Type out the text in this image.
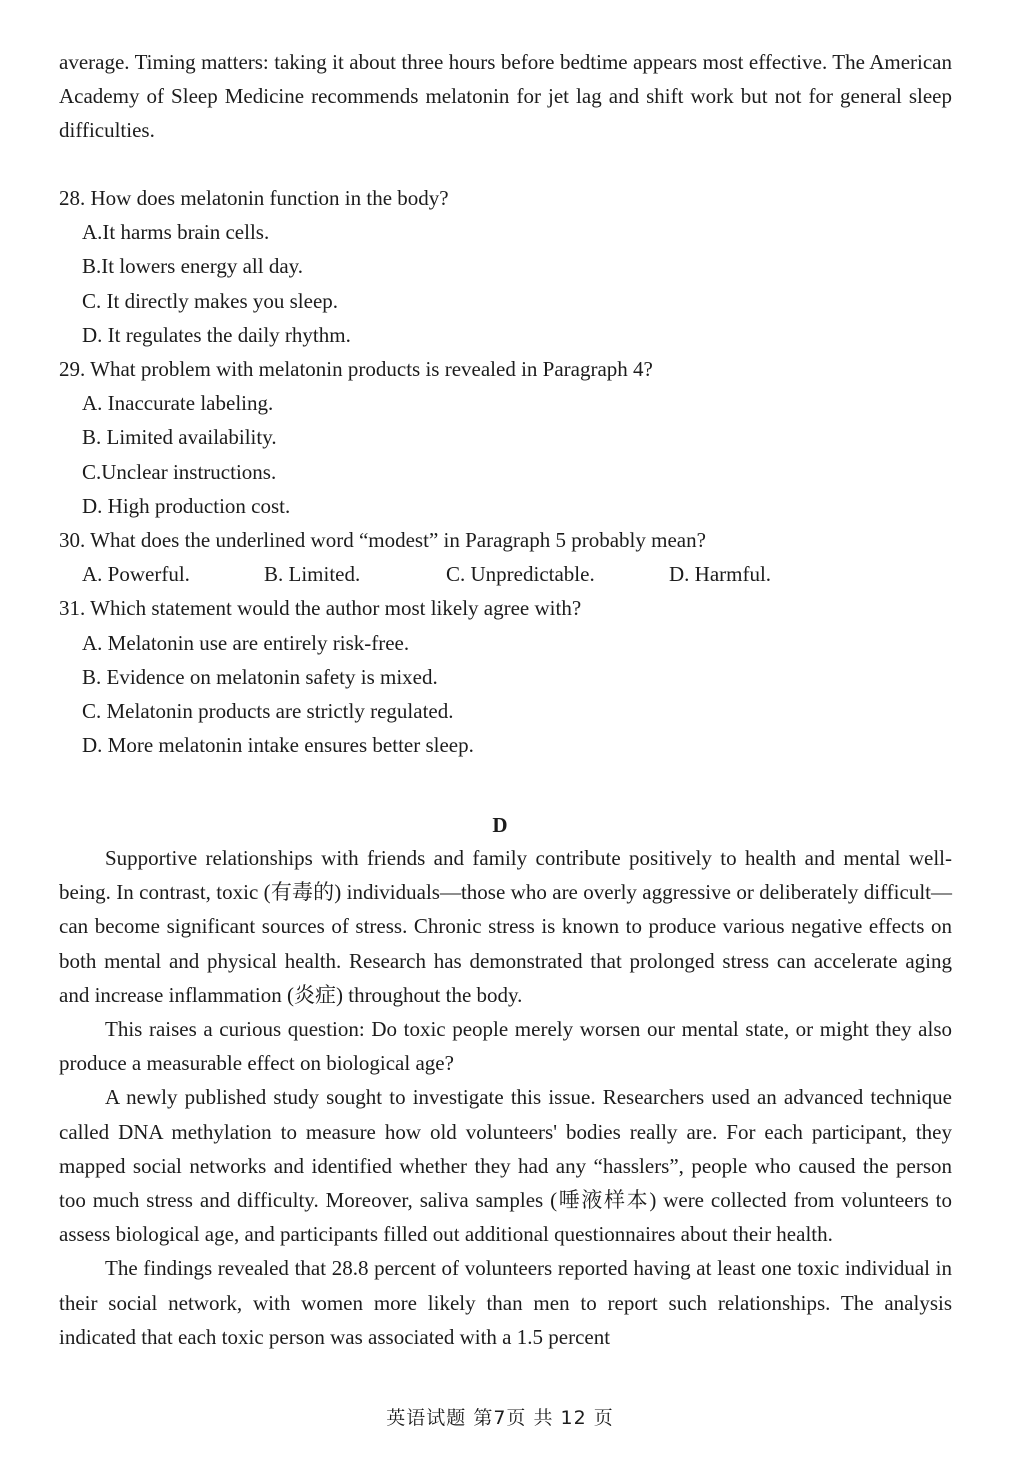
average. Timing matters: taking it about three hours before bedtime appears most effective. The American Academy of Sleep Medicine recommends melatonin for jet lag and shift work but not for general sleep difficulties.

28. How does melatonin function in the body?

A.It harms brain cells.

B.It lowers energy all day.

C. It directly makes you sleep.

D. It regulates the daily rhythm.

29. What problem with melatonin products is revealed in Paragraph 4?

A. Inaccurate labeling.

B. Limited availability.

C.Unclear instructions.

D. High production cost.

30. What does the underlined word “modest” in Paragraph 5 probably mean?

A. Powerful.	B. Limited.	C. Unpredictable.	D. Harmful.

31. Which statement would the author most likely agree with?

A. Melatonin use are entirely risk-free.

B. Evidence on melatonin safety is mixed.

C. Melatonin products are strictly regulated.

D. More melatonin intake ensures better sleep.

D

Supportive relationships with friends and family contribute positively to health and mental well-being. In contrast, toxic (有毒的) individuals—those who are overly aggressive or deliberately difficult—can become significant sources of stress. Chronic stress is known to produce various negative effects on both mental and physical health. Research has demonstrated that prolonged stress can accelerate aging and increase inflammation (炎症) throughout the body.

This raises a curious question: Do toxic people merely worsen our mental state, or might they also produce a measurable effect on biological age?

A newly published study sought to investigate this issue. Researchers used an advanced technique called DNA methylation to measure how old volunteers' bodies really are. For each participant, they mapped social networks and identified whether they had any “hasslers”, people who caused the person too much stress and difficulty. Moreover, saliva samples (唾液样本) were collected from volunteers to assess biological age, and participants filled out additional questionnaires about their health.

The findings revealed that 28.8 percent of volunteers reported having at least one toxic individual in their social network, with women more likely than men to report such relationships. The analysis indicated that each toxic person was associated with a 1.5 percent

英语试题 第7页 共 12 页
